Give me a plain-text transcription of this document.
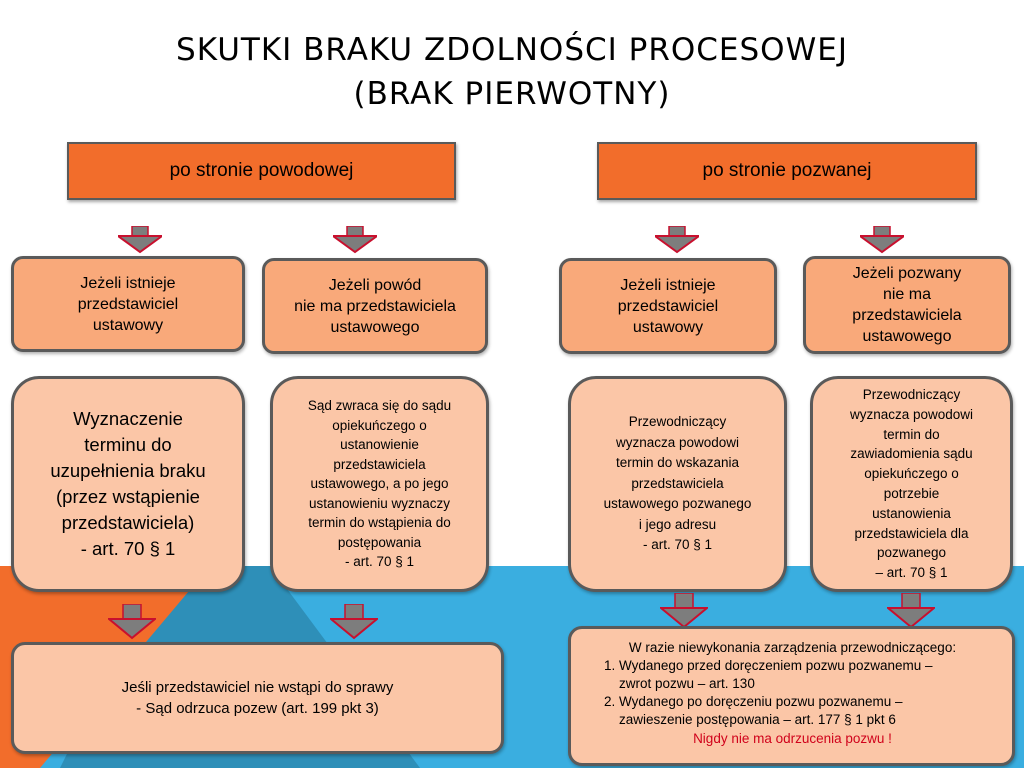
SKUTKI BRAKU ZDOLNOŚCI PROCESOWEJ
(BRAK PIERWOTNY)
po stronie powodowej	po stronie pozwanej
Jeżeli istnieje
przedstawiciel
ustawowy
Jeżeli powód
nie ma przedstawiciela
ustawowego
Jeżeli istnieje
przedstawiciel
ustawowy
Jeżeli pozwany
nie ma
przedstawiciela
ustawowego
Wyznaczenie
terminu do
uzupełnienia braku
(przez wstąpienie
przedstawiciela)
- art. 70 § 1
Sąd zwraca się do sądu
opiekuńczego o
ustanowienie
przedstawiciela
ustawowego, a po jego
ustanowieniu wyznaczy
termin do wstąpienia do
postępowania
- art. 70 § 1
Przewodniczący
wyznacza powodowi
termin do wskazania
przedstawiciela
ustawowego pozwanego
i jego adresu
- art. 70 § 1
Przewodniczący
wyznacza powodowi
termin do
zawiadomienia sądu
opiekuńczego o
potrzebie
ustanowienia
przedstawiciela dla
pozwanego
– art. 70 § 1
Jeśli przedstawiciel nie wstąpi do sprawy
- Sąd odrzuca pozew (art. 199 pkt 3)
W razie niewykonania zarządzenia przewodniczącego:
1. Wydanego przed doręczeniem pozwu pozwanemu –
zwrot pozwu – art. 130
2. Wydanego po doręczeniu pozwu pozwanemu –
zawieszenie postępowania – art. 177 § 1 pkt 6
Nigdy nie ma odrzucenia pozwu !
